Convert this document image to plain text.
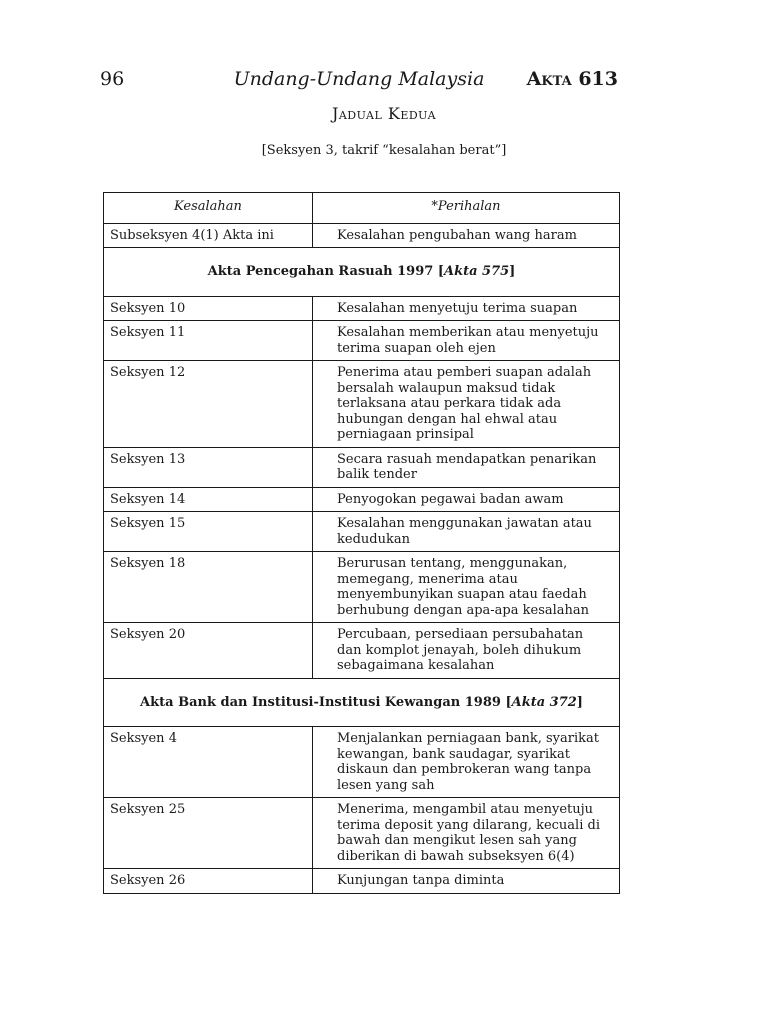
96	Undang-Undang Malaysia	Akta 613
Jadual Kedua
[Seksyen 3, takrif “kesalahan berat”]
Kesalahan	*Perihalan
Subseksyen 4(1) Akta ini	Kesalahan pengubahan wang haram
Akta Pencegahan Rasuah 1997 [Akta 575]	
Seksyen 10	Kesalahan menyetuju terima suapan
Seksyen 11	Kesalahan memberikan atau menyetuju terima suapan oleh ejen
Seksyen 12	Penerima atau pemberi suapan adalah bersalah walaupun maksud tidak terlaksana atau perkara tidak ada hubungan dengan hal ehwal atau perniagaan prinsipal
Seksyen 13	Secara rasuah mendapatkan penarikan balik tender
Seksyen 14	Penyogokan pegawai badan awam
Seksyen 15	Kesalahan menggunakan jawatan atau kedudukan
Seksyen 18	Berurusan tentang, menggunakan, memegang, menerima atau menyembunyikan suapan atau faedah berhubung dengan apa-apa kesalahan
Seksyen 20	Percubaan, persediaan persubahatan dan komplot jenayah, boleh dihukum sebagaimana kesalahan
Akta Bank dan Institusi-Institusi Kewangan 1989 [Akta 372]	
Seksyen 4	Menjalankan perniagaan bank, syarikat kewangan, bank saudagar, syarikat diskaun dan pembrokeran wang tanpa lesen yang sah
Seksyen 25	Menerima, mengambil atau menyetuju terima deposit yang dilarang, kecuali di bawah dan mengikut lesen sah yang diberikan di bawah subseksyen 6(4)
Seksyen 26	Kunjungan tanpa diminta
